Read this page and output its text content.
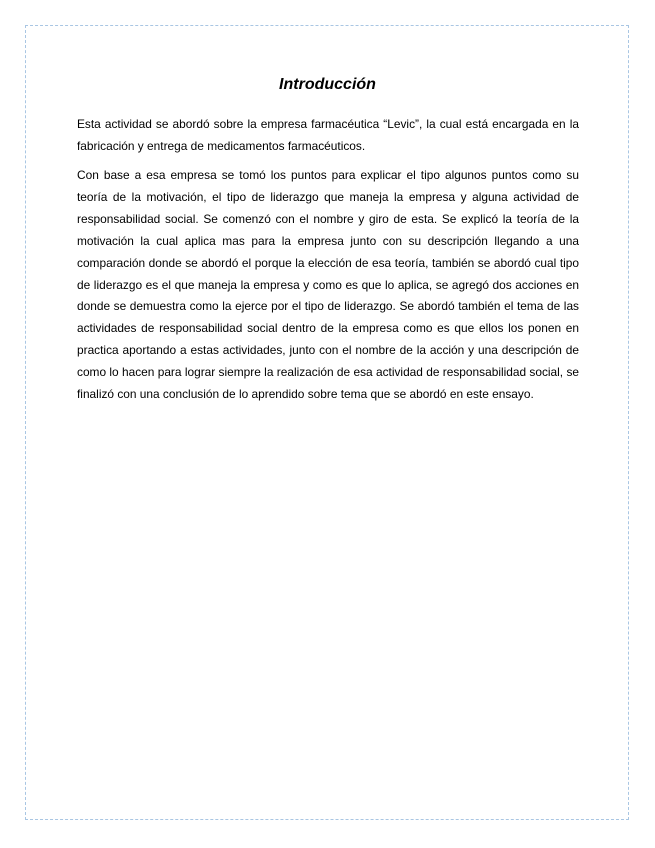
Introducción
Esta actividad se abordó sobre la empresa farmacéutica “Levic”, la cual está encargada en la fabricación y entrega de medicamentos farmacéuticos.
Con base a esa empresa se tomó los puntos para explicar el tipo algunos puntos como su teoría de la motivación, el tipo de liderazgo que maneja la empresa y alguna actividad de responsabilidad social. Se comenzó con el nombre y giro de esta. Se explicó la teoría de la motivación la cual aplica mas para la empresa junto con su descripción llegando a una comparación donde se abordó el porque la elección de esa teoría, también se abordó cual tipo de liderazgo es el que maneja la empresa y como es que lo aplica, se agregó dos acciones en donde se demuestra como la ejerce por el tipo de liderazgo. Se abordó también el tema de las actividades de responsabilidad social dentro de la empresa como es que ellos los ponen en practica aportando a estas actividades, junto con el nombre de la acción y una descripción de como lo hacen para lograr siempre la realización de esa actividad de responsabilidad social, se finalizó con una conclusión de lo aprendido sobre tema que se abordó en este ensayo.
